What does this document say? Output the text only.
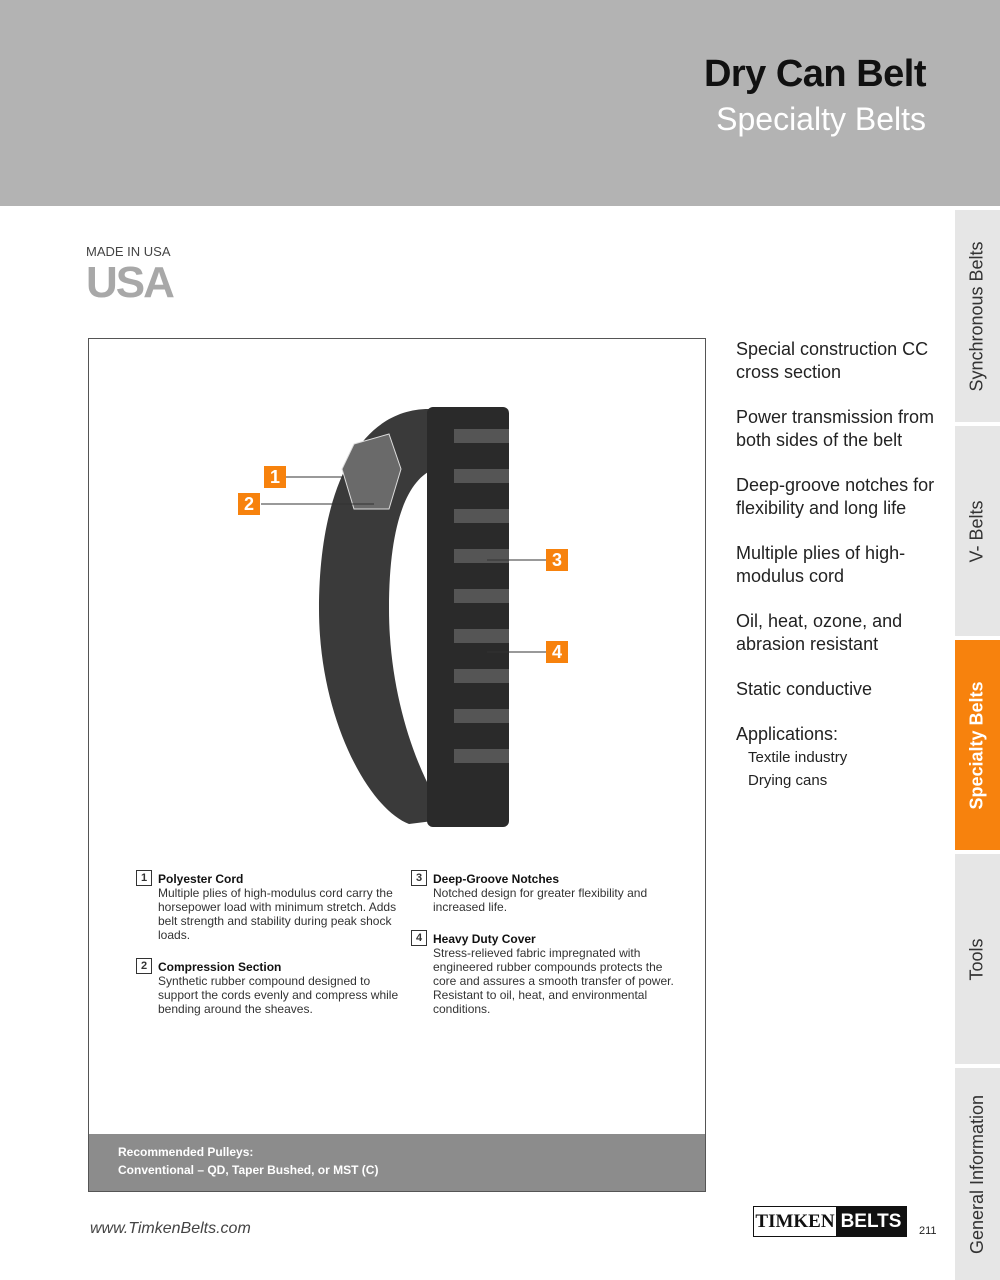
Dry Can Belt
Specialty Belts
Synchronous Belts
V- Belts
Specialty Belts
Tools
General Information
MADE IN USA
USA
1
2
3
4
1 Polyester Cord
Multiple plies of high-modulus cord carry the horsepower load with minimum stretch. Adds belt strength and stability during peak shock loads.
2 Compression Section
Synthetic rubber compound designed to support the cords evenly and compress while bending around the sheaves.
3 Deep-Groove Notches
Notched design for greater flexibility and increased life.
4 Heavy Duty Cover
Stress-relieved fabric impregnated with engineered rubber compounds protects the core and assures a smooth transfer of power. Resistant to oil, heat, and environmental conditions.
Recommended Pulleys:
Conventional – QD, Taper Bushed, or MST (C)

Special construction CC cross section

Power transmission from both sides of the belt

Deep-groove notches for flexibility and long life

Multiple plies of high-modulus cord

Oil, heat, ozone, and abrasion resistant

Static conductive

Applications:
Textile industry
Drying cans
www.TimkenBelts.com	TIMKEN BELTS	211
